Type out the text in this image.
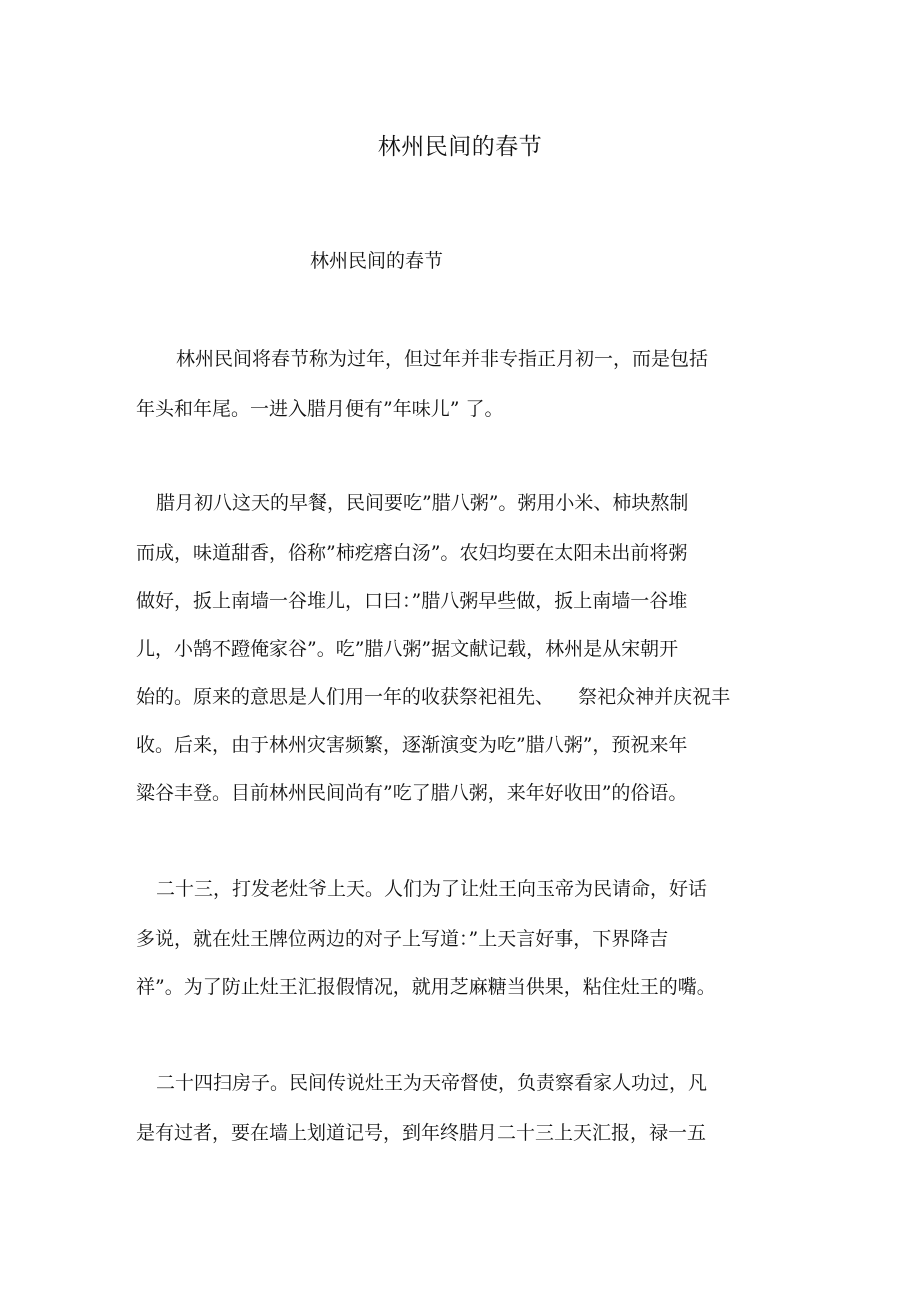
林州民间的春节
林州民间的春节

林州民间将春节称为过年，但过年并非专指正月初一，而是包括

年头和年尾。一进入腊月便有”年味儿” 了。

腊月初八这天的早餐，民间要吃”腊八粥”。粥用小米、柿块熬制

而成，味道甜香，俗称”柿疙瘩白汤”。农妇均要在太阳未出前将粥

做好，扳上南墙一谷堆儿，口曰：”腊八粥早些做，扳上南墙一谷堆

儿，小鹄不蹬俺家谷”。吃”腊八粥”据文献记载，林州是从宋朝开

始的。原来的意思是人们用一年的收获祭祀祖先、    祭祀众神并庆祝丰

收。后来，由于林州灾害频繁，逐渐演变为吃”腊八粥”，预祝来年

粱谷丰登。目前林州民间尚有”吃了腊八粥，来年好收田”的俗语。

二十三，打发老灶爷上天。人们为了让灶王向玉帝为民请命，好话

多说，就在灶王牌位两边的对子上写道：”上天言好事，下界降吉

祥”。为了防止灶王汇报假情况，就用芝麻糖当供果，粘住灶王的嘴。

二十四扫房子。民间传说灶王为天帝督使，负责察看家人功过，凡

是有过者，要在墙上划道记号，到年终腊月二十三上天汇报，禄一五
